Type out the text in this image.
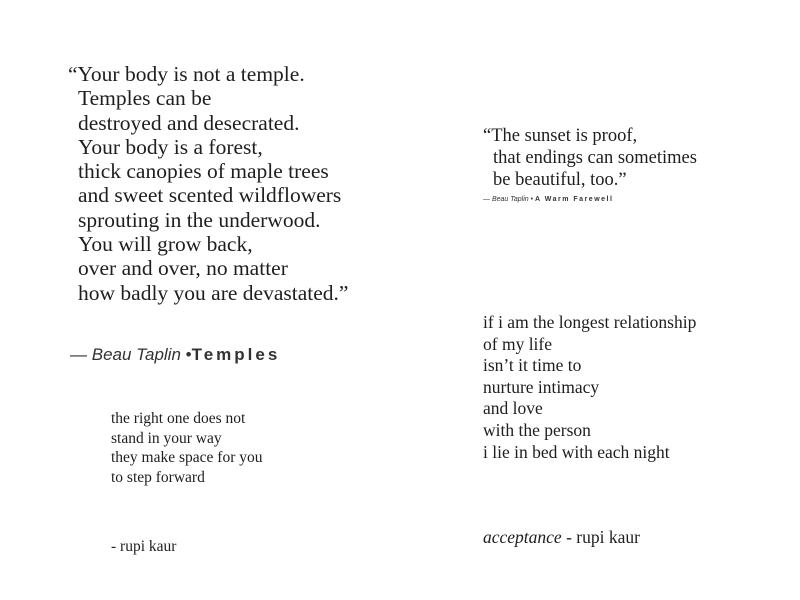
“Your body is not a temple.
Temples can be
destroyed and desecrated.
Your body is a forest,
thick canopies of maple trees
and sweet scented wildflowers
sprouting in the underwood.
You will grow back,
over and over, no matter
how badly you are devastated.”
— Beau Taplin •Temples
the right one does not
stand in your way
they make space for you
to step forward
- rupi kaur
“The sunset is proof,
that endings can sometimes
be beautiful, too.”
— Beau Taplin • A Warm Farewell
if i am the longest relationship
of my life
isn’t it time to
nurture intimacy
and love
with the person
i lie in bed with each night
acceptance - rupi kaur
